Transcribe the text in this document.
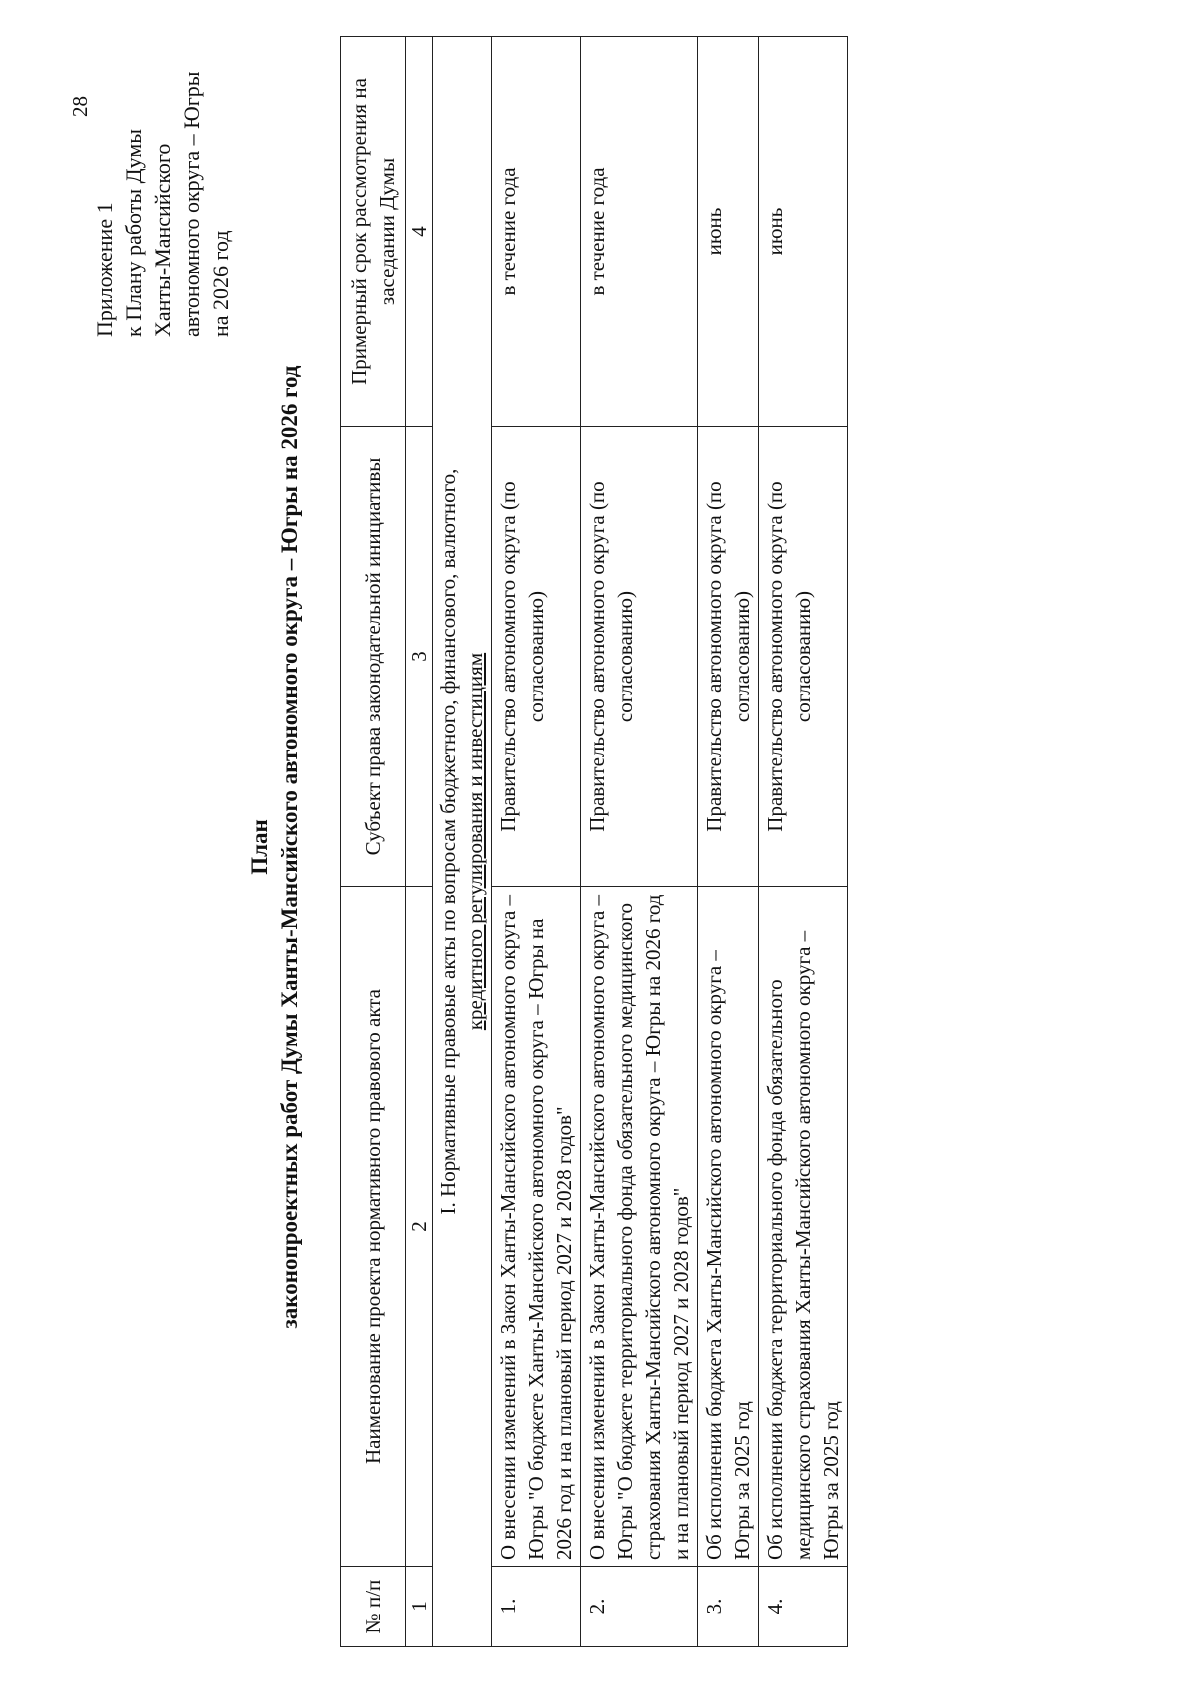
28
Приложение 1 к Плану работы Думы Ханты-Мансийского автономного округа – Югры на 2026 год
План законопроектных работ Думы Ханты-Мансийского автономного округа – Югры на 2026 год
№ п/п	Наименование проекта нормативного правового акта	Субъект права законодательной инициативы	Примерный срок рассмотрения на заседании Думы
1	2	3	4

I. Нормативные правовые акты по вопросам бюджетного, финансового, валютного, кредитного регулирования и инвестициям			

1.	О внесении изменений в Закон Ханты-Мансийского автономного округа – Югры "О бюджете Ханты-Мансийского автономного округа – Югры на 2026 год и на плановый период 2027 и 2028 годов"	Правительство автономного округа (по согласованию)	в течение года
2.	О внесении изменений в Закон Ханты-Мансийского автономного округа – Югры "О бюджете территориального фонда обязательного медицинского страхования Ханты-Мансийского автономного округа – Югры на 2026 год и на плановый период 2027 и 2028 годов"	Правительство автономного округа (по согласованию)	в течение года
3.	Об исполнении бюджета Ханты-Мансийского автономного округа – Югры за 2025 год	Правительство автономного округа (по согласованию)	июнь
4.	Об исполнении бюджета территориального фонда обязательного медицинского страхования Ханты-Мансийского автономного округа – Югры за 2025 год	Правительство автономного округа (по согласованию)	июнь
